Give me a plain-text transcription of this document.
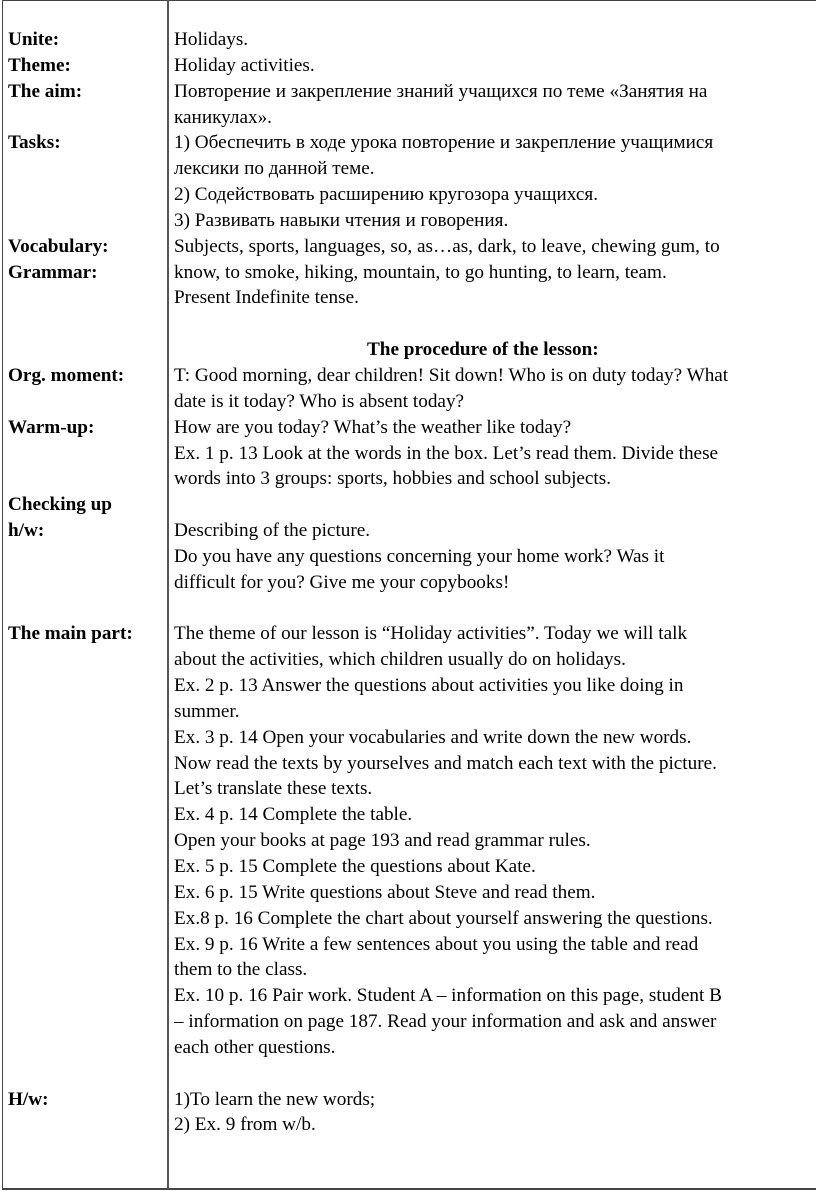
Unite:
Theme:
The aim:
Tasks:
Vocabulary:
Grammar:
Org. moment:
Warm-up:
Checking up
h/w:
The main part:
H/w:
Holidays.
Holiday activities.
Повторение и закрепление знаний учащихся по теме «Занятия на
каникулах».
1) Обеспечить в ходе урока повторение и закрепление учащимися
лексики по данной теме.
2) Содействовать расширению кругозора учащихся.
3) Развивать навыки чтения и говорения.
Subjects, sports, languages, so, as…as, dark, to leave, chewing gum, to
know, to smoke, hiking, mountain, to go hunting, to learn, team.
Present Indefinite tense.
The procedure of the lesson:
T: Good morning, dear children! Sit down! Who is on duty today? What
date is it today? Who is absent today?
How are you today? What’s the weather like today?
Ex. 1 p. 13 Look at the words in the box. Let’s read them. Divide these
words into 3 groups: sports, hobbies and school subjects.
Describing of the picture.
Do you have any questions concerning your home work? Was it
difficult for you? Give me your copybooks!
The theme of our lesson is “Holiday activities”. Today we will talk
about the activities, which children usually do on holidays.
Ex. 2 p. 13 Answer the questions about activities you like doing in
summer.
Ex. 3 p. 14 Open your vocabularies and write down the new words.
Now read the texts by yourselves and match each text with the picture.
Let’s translate these texts.
Ex. 4 p. 14 Complete the table.
Open your books at page 193 and read grammar rules.
Ex. 5 p. 15 Complete the questions about Kate.
Ex. 6 p. 15 Write questions about Steve and read them.
Ex.8 p. 16 Complete the chart about yourself answering the questions.
Ex. 9 p. 16 Write a few sentences about you using the table and read
them to the class.
Ex. 10 p. 16 Pair work. Student A – information on this page, student B
– information on page 187. Read your information and ask and answer
each other questions.
1)To learn the new words;
2) Ex. 9 from w/b.
